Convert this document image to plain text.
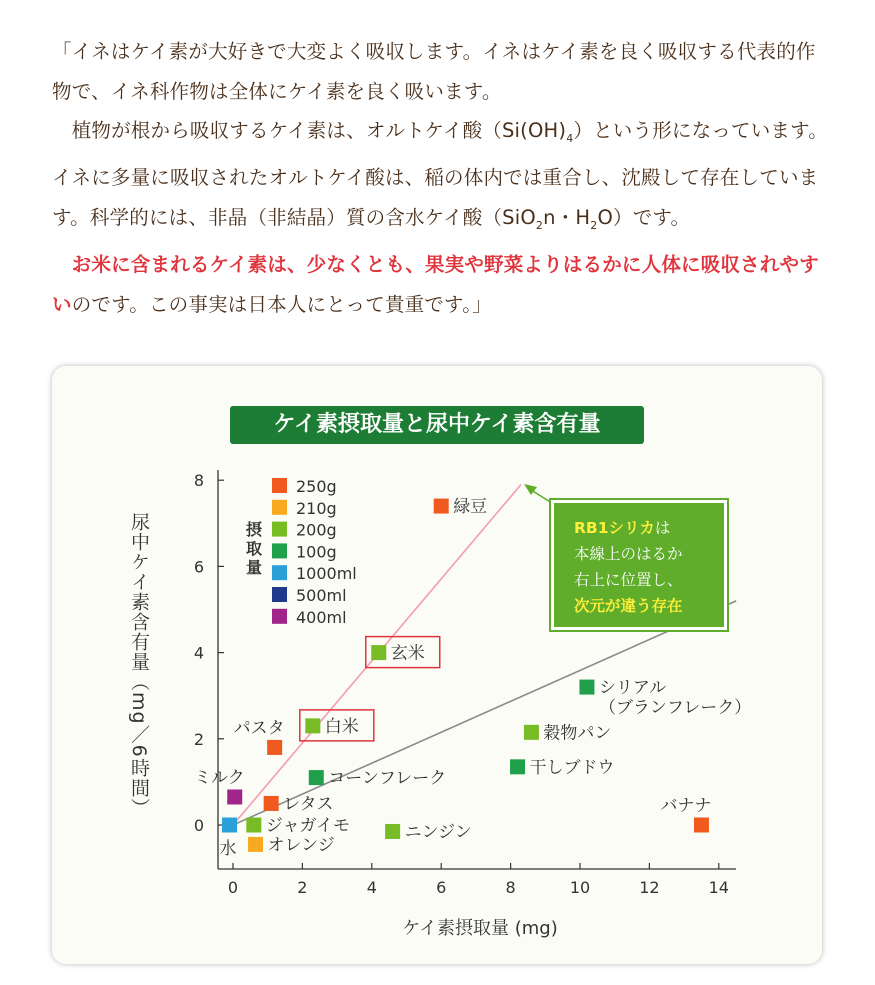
「イネはケイ素が大好きで大変よく吸収します。イネはケイ素を良く吸収する代表的作物で、イネ科作物は全体にケイ素を良く吸います。

　植物が根から吸収するケイ素は、オルトケイ酸$(Si(OH)_4)$という形になっています。イネに多量に吸収されたオルトケイ酸は、稲の体内では重合し、沈殿して存在しています。科学的には、非晶（非結晶）質の含水ケイ酸（SiO$_2$n・$H_2O$）です。

　お米に含まれるケイ素は、少なくとも、果実や野菜よりはるかに人体に吸収されやすいのです。この事実は日本人にとって貴重です。」

0
2
4
6
8
0	2	4	6	8	10	12	14
250g
210g
200g
100g
1000ml
500ml
400ml
緑豆
玄米
白米
パスタ
シリアル
（ブランフレーク）
穀物パン
干しブドウ
コーンフレーク
ミルク
レタス
ジャガイモ
オレンジ
水
ニンジン
バナナ
ケイ素摂取量と尿中ケイ素含有量
尿中ケイ素含有量（mg／6時間）
ケイ素摂取量 (mg)
摂取量
RB1シリカは
本線上のはるか
右上に位置し、
次元が違う存在
